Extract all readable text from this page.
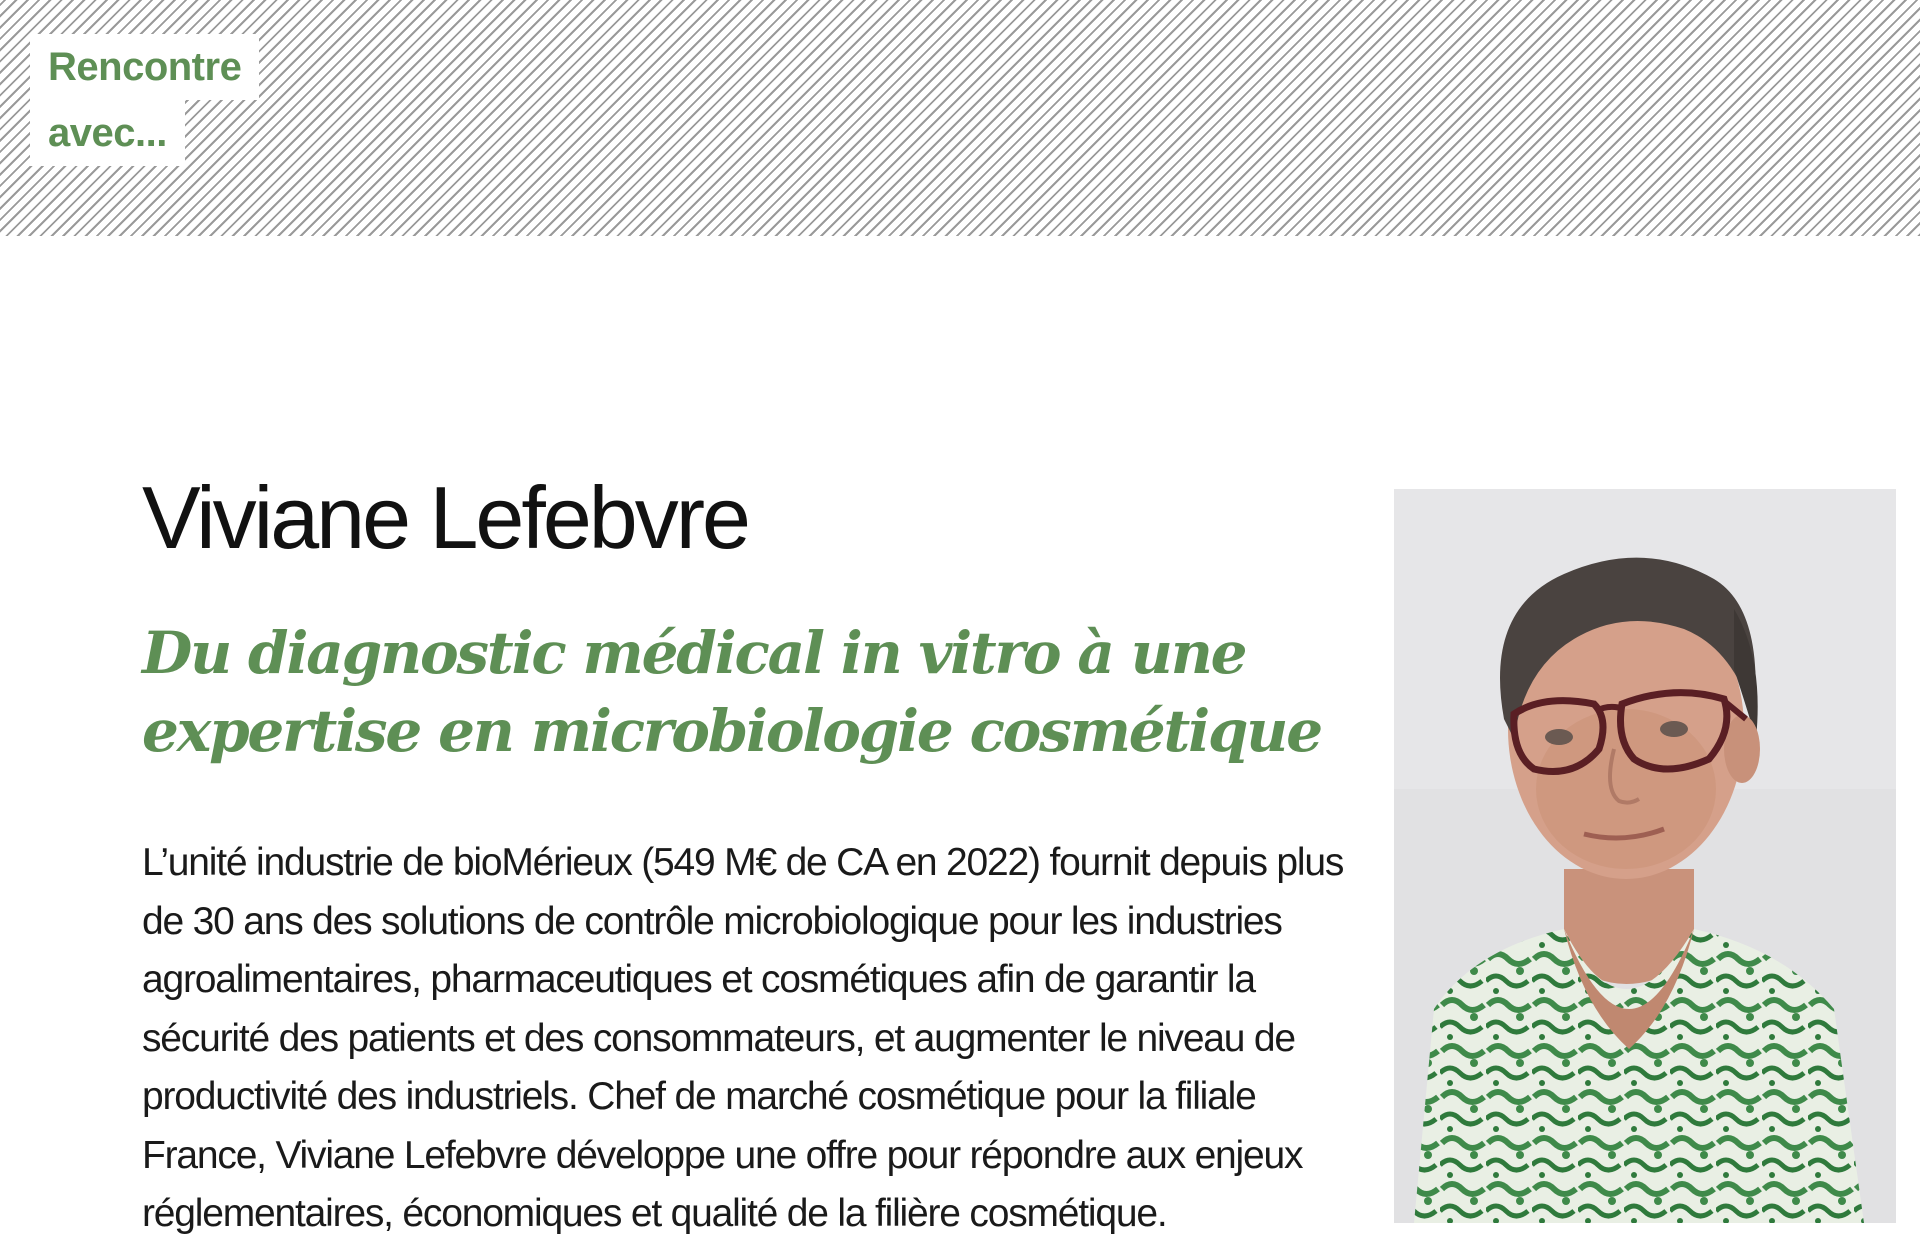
Rencontre
avec...
Viviane Lefebvre
Du diagnostic médical in vitro à une expertise en microbiologie cosmétique

L’unité industrie de bioMérieux (549 M€ de CA en 2022) fournit depuis plus de 30 ans des solutions de contrôle microbiologique pour les industries agroalimentaires, pharmaceutiques et cosmétiques afin de garantir la sécurité des patients et des consommateurs, et augmenter le niveau de productivité des industriels. Chef de marché cosmétique pour la filiale France, Viviane Lefebvre développe une offre pour répondre aux enjeux réglementaires, économiques et qualité de la filière cosmétique.
